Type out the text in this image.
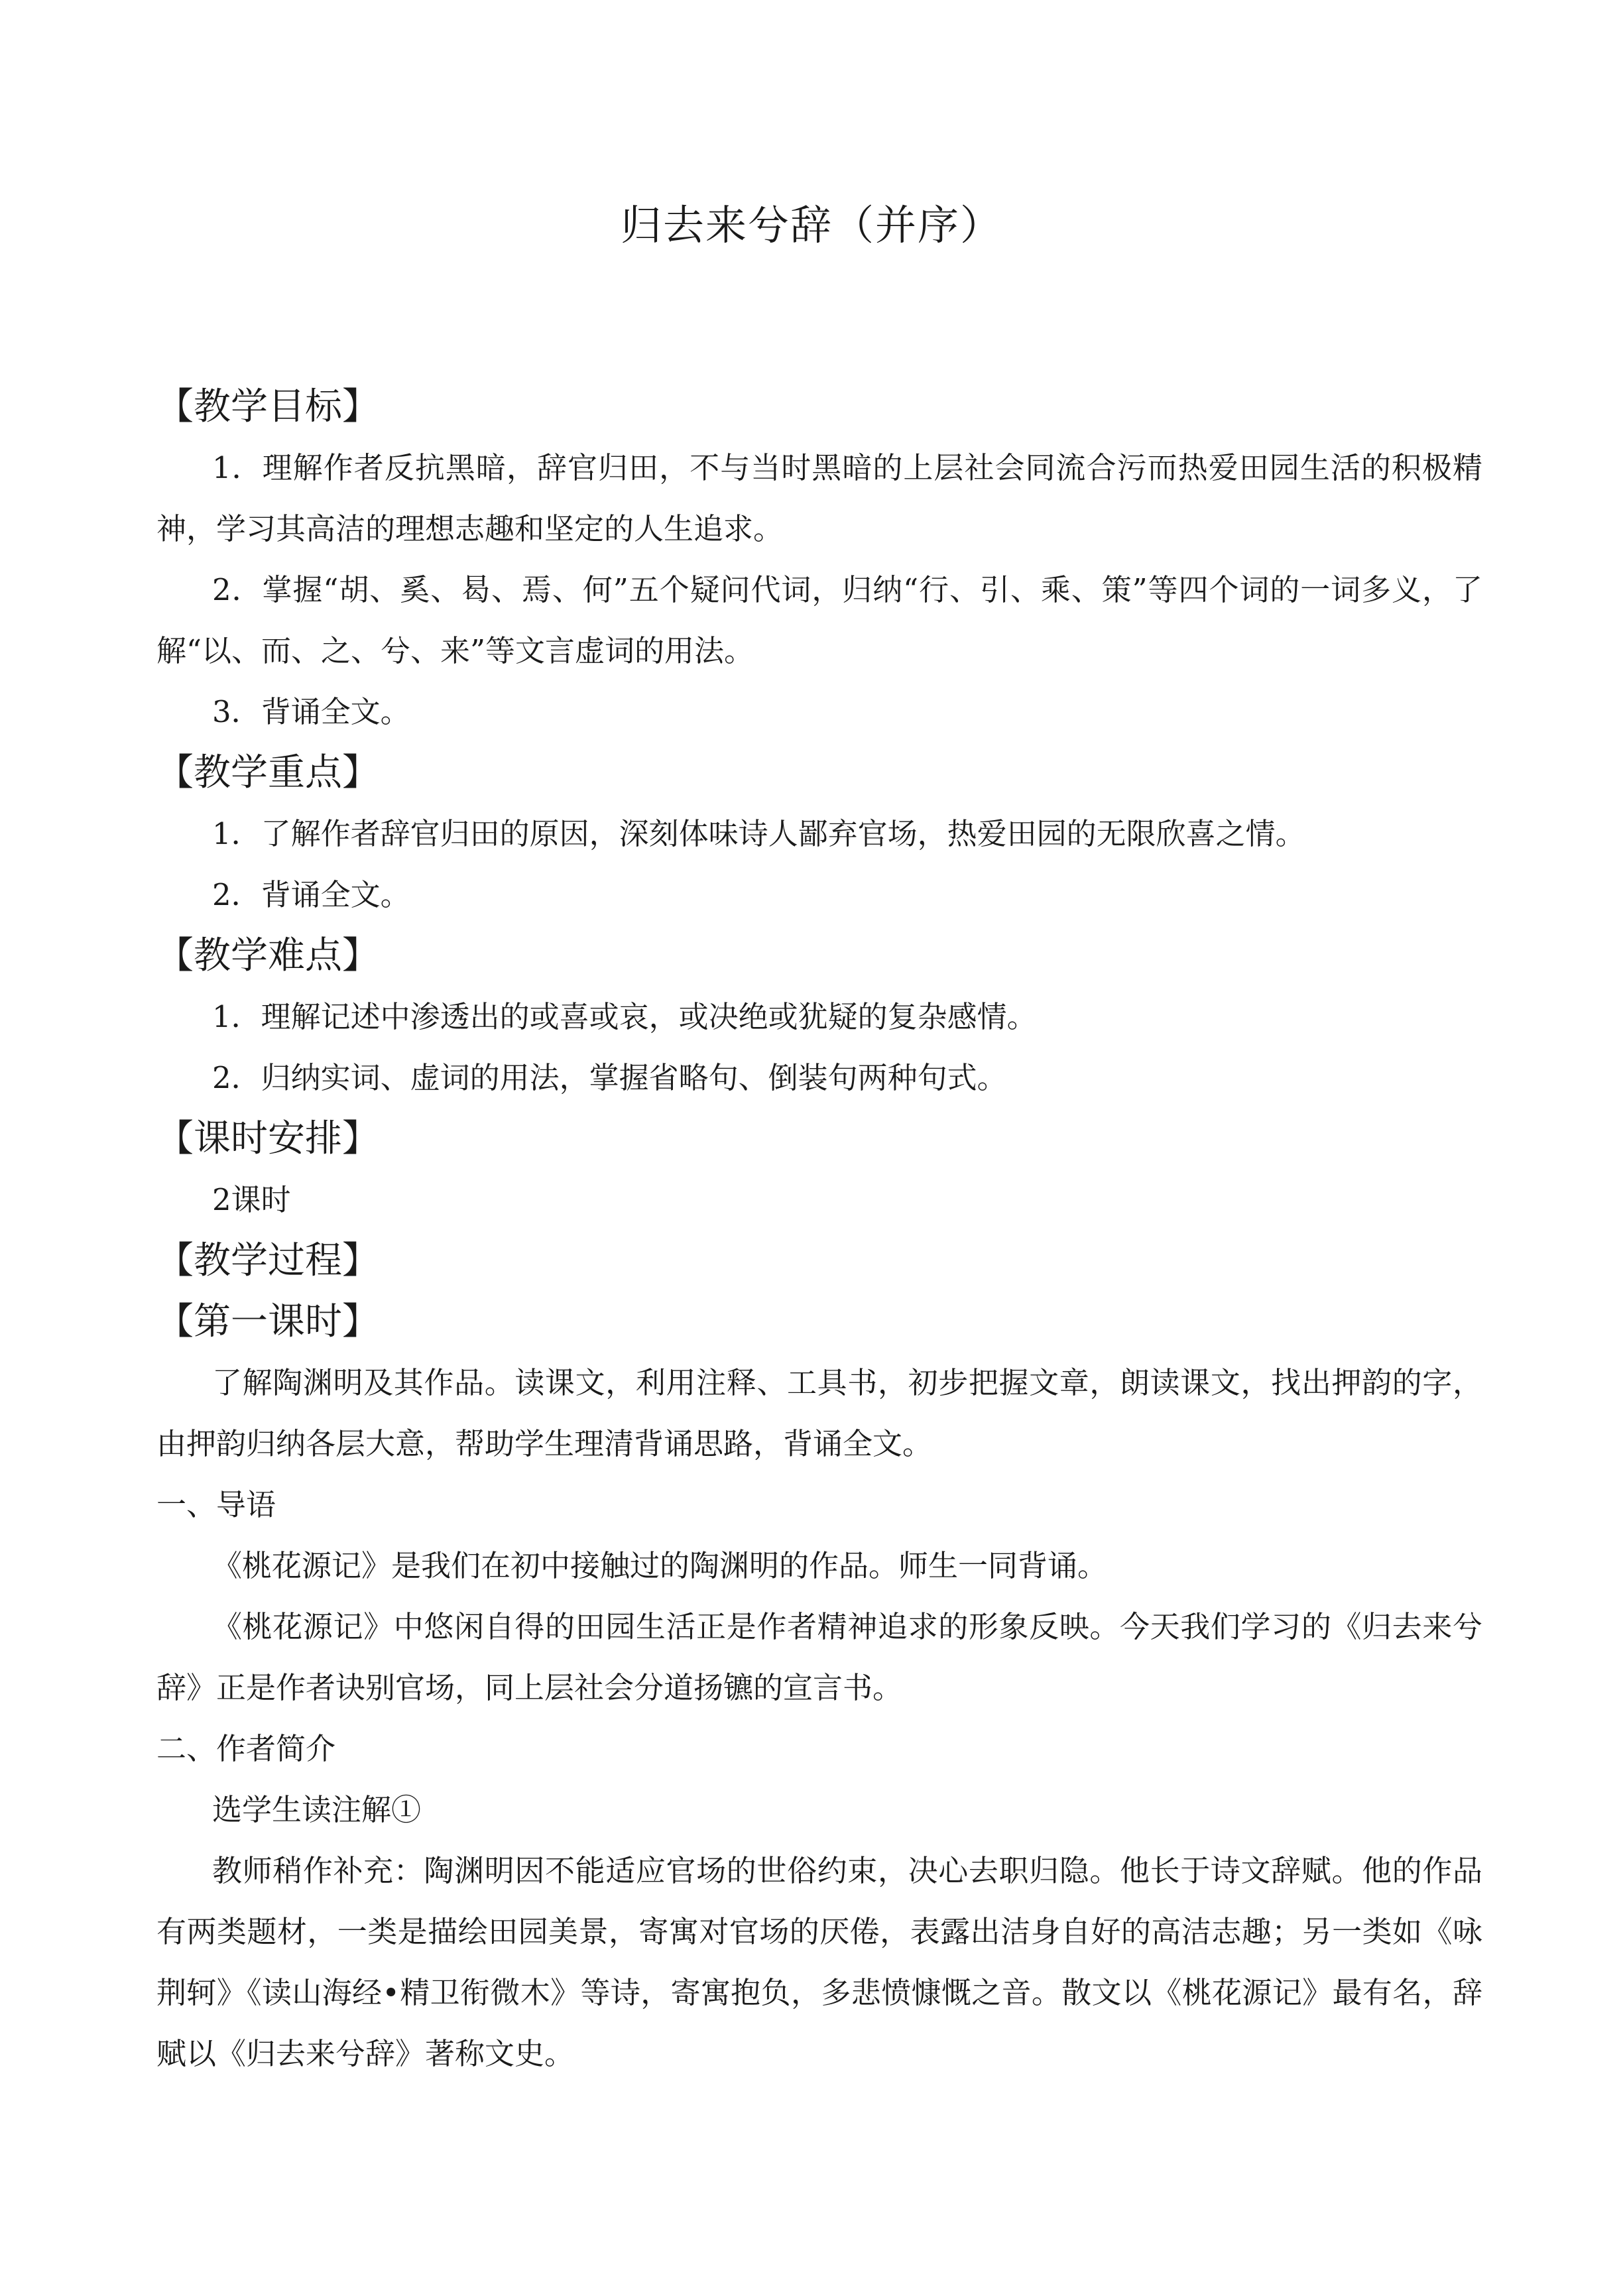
归去来兮辞（并序）
【教学目标】

1．理解作者反抗黑暗，辞官归田，不与当时黑暗的上层社会同流合污而热爱田园生活的积极精神，学习其高洁的理想志趣和坚定的人生追求。

2．掌握“胡、奚、曷、焉、何”五个疑问代词，归纳“行、引、乘、策”等四个词的一词多义，了解“以、而、之、兮、来”等文言虚词的用法。

3．背诵全文。

【教学重点】

1．了解作者辞官归田的原因，深刻体味诗人鄙弃官场，热爱田园的无限欣喜之情。

2．背诵全文。

【教学难点】

1．理解记述中渗透出的或喜或哀，或决绝或犹疑的复杂感情。

2．归纳实词、虚词的用法，掌握省略句、倒装句两种句式。

【课时安排】

2课时

【教学过程】
【第一课时】

了解陶渊明及其作品。读课文，利用注释、工具书，初步把握文章，朗读课文，找出押韵的字，由押韵归纳各层大意，帮助学生理清背诵思路，背诵全文。

一、导语

《桃花源记》是我们在初中接触过的陶渊明的作品。师生一同背诵。

《桃花源记》中悠闲自得的田园生活正是作者精神追求的形象反映。今天我们学习的《归去来兮辞》正是作者诀别官场，同上层社会分道扬镳的宣言书。

二、作者简介

选学生读注解①

教师稍作补充：陶渊明因不能适应官场的世俗约束，决心去职归隐。他长于诗文辞赋。他的作品有两类题材，一类是描绘田园美景，寄寓对官场的厌倦，表露出洁身自好的高洁志趣；另一类如《咏荆轲》《读山海经•精卫衔微木》等诗，寄寓抱负，多悲愤慷慨之音。散文以《桃花源记》最有名，辞赋以《归去来兮辞》著称文史。
